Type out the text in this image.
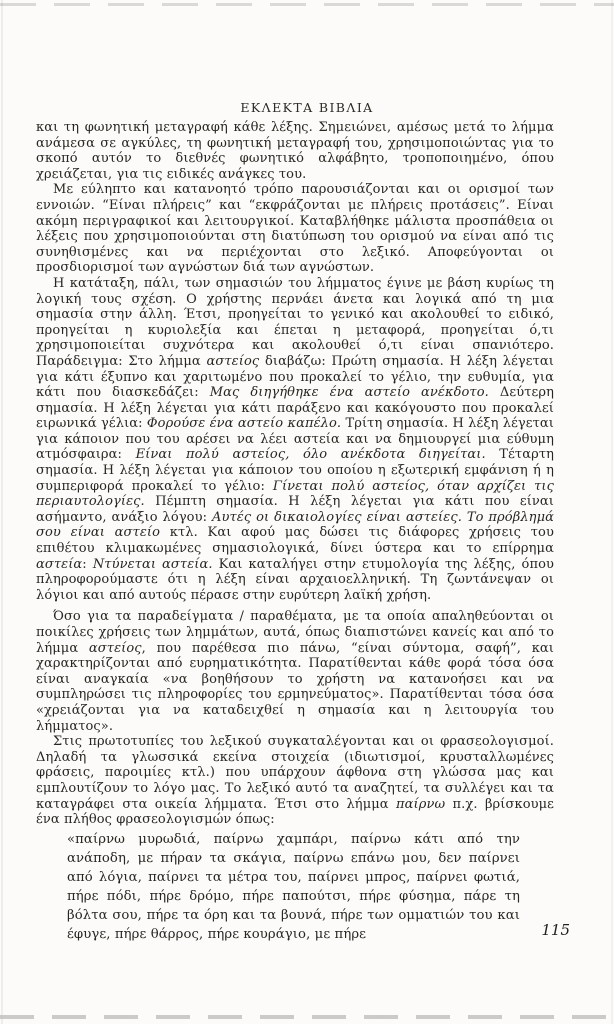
ΕΚΛΕΚΤΑ ΒΙΒΛΙΑ

και τη φωνητική μεταγραφή κάθε λέξης. Σημειώνει, αμέσως μετά το λήμμα ανάμεσα σε αγκύλες, τη φωνητική μεταγραφή του, χρησιμοποιώντας για το σκοπό αυτόν το διεθνές φωνητικό αλφάβητο, τροποποιημένο, όπου χρειάζεται, για τις ειδικές ανάγκες του.

Με εύληπτο και κατανοητό τρόπο παρουσιάζονται και οι ορισμοί των εννοιών. “Είναι πλήρεις” και “εκφράζονται με πλήρεις προτάσεις”. Είναι ακόμη περιγραφικοί και λειτουργικοί. Καταβλήθηκε μάλιστα προσπάθεια οι λέξεις που χρησιμοποιούνται στη διατύπωση του ορισμού να είναι από τις συνηθισμένες και να περιέχονται στο λεξικό. Αποφεύγονται οι προσδιορισμοί των αγνώστων διά των αγνώστων.

Η κατάταξη, πάλι, των σημασιών του λήμματος έγινε με βάση κυρίως τη λογική τους σχέση. Ο χρήστης περνάει άνετα και λογικά από τη μια σημασία στην άλλη. Έτσι, προηγείται το γενικό και ακολουθεί το ειδικό, προηγείται η κυριολεξία και έπεται η μεταφορά, προηγείται ό,τι χρησιμοποιείται συχνότερα και ακολουθεί ό,τι είναι σπανιότερο. Παράδειγμα: Στο λήμμα αστείος διαβάζω: Πρώτη σημασία. Η λέξη λέγεται για κάτι έξυπνο και χαριτωμένο που προκαλεί το γέλιο, την ευθυμία, για κάτι που διασκεδάζει: Μας διηγήθηκε ένα αστείο ανέκδοτο. Δεύτερη σημασία. Η λέξη λέγεται για κάτι παράξενο και κακόγουστο που προκαλεί ειρωνικά γέλια: Φορούσε ένα αστείο καπέλο. Τρίτη σημασία. Η λέξη λέγεται για κάποιον που του αρέσει να λέει αστεία και να δημιουργεί μια εύθυμη ατμόσφαιρα: Είναι πολύ αστείος, όλο ανέκδοτα διηγείται. Τέταρτη σημασία. Η λέξη λέγεται για κάποιον του οποίου η εξωτερική εμφάνιση ή η συμπεριφορά προκαλεί το γέλιο: Γίνεται πολύ αστείος, όταν αρχίζει τις περιαυτολογίες. Πέμπτη σημασία. Η λέξη λέγεται για κάτι που είναι ασήμαντο, ανάξιο λόγου: Αυτές οι δικαιολογίες είναι αστείες. Το πρόβλημά σου είναι αστείο κτλ. Και αφού μας δώσει τις διάφορες χρήσεις του επιθέτου κλιμακωμένες σημασιολογικά, δίνει ύστερα και το επίρρημα αστεία: Ντύνεται αστεία. Και καταλήγει στην ετυμολογία της λέξης, όπου πληροφορούμαστε ότι η λέξη είναι αρχαιοελληνική. Τη ζωντάνεψαν οι λόγιοι και από αυτούς πέρασε στην ευρύτερη λαϊκή χρήση.

Όσο για τα παραδείγματα / παραθέματα, με τα οποία απαληθεύονται οι ποικίλες χρήσεις των λημμάτων, αυτά, όπως διαπιστώνει κανείς και από το λήμμα αστείος, που παρέθεσα πιο πάνω, “είναι σύντομα, σαφή”, και χαρακτηρίζονται από ευρηματικότητα. Παρατίθενται κάθε φορά τόσα όσα είναι αναγκαία «να βοηθήσουν το χρήστη να κατανοήσει και να συμπληρώσει τις πληροφορίες του ερμηνεύματος». Παρατίθενται τόσα όσα «χρειάζονται για να καταδειχθεί η σημασία και η λειτουργία του λήμματος».

Στις πρωτοτυπίες του λεξικού συγκαταλέγονται και οι φρασεολογισμοί. Δηλαδή τα γλωσσικά εκείνα στοιχεία (ιδιωτισμοί, κρυσταλλωμένες φράσεις, παροιμίες κτλ.) που υπάρχουν άφθονα στη γλώσσα μας και εμπλουτίζουν το λόγο μας. Το λεξικό αυτό τα αναζητεί, τα συλλέγει και τα καταγράφει στα οικεία λήμματα. Έτσι στο λήμμα παίρνω π.χ. βρίσκουμε ένα πλήθος φρασεολογισμών όπως:

«παίρνω μυρωδιά, παίρνω χαμπάρι, παίρνω κάτι από την ανάποδη, με πήραν τα σκάγια, παίρνω επάνω μου, δεν παίρνει από λόγια, παίρνει τα μέτρα του, παίρνει μπρος, παίρνει φωτιά, πήρε πόδι, πήρε δρόμο, πήρε παπούτσι, πήρε φύσημα, πάρε τη βόλτα σου, πήρε τα όρη και τα βουνά, πήρε των ομματιών του και έφυγε, πήρε θάρρος, πήρε κουράγιο, με πήρε	115
